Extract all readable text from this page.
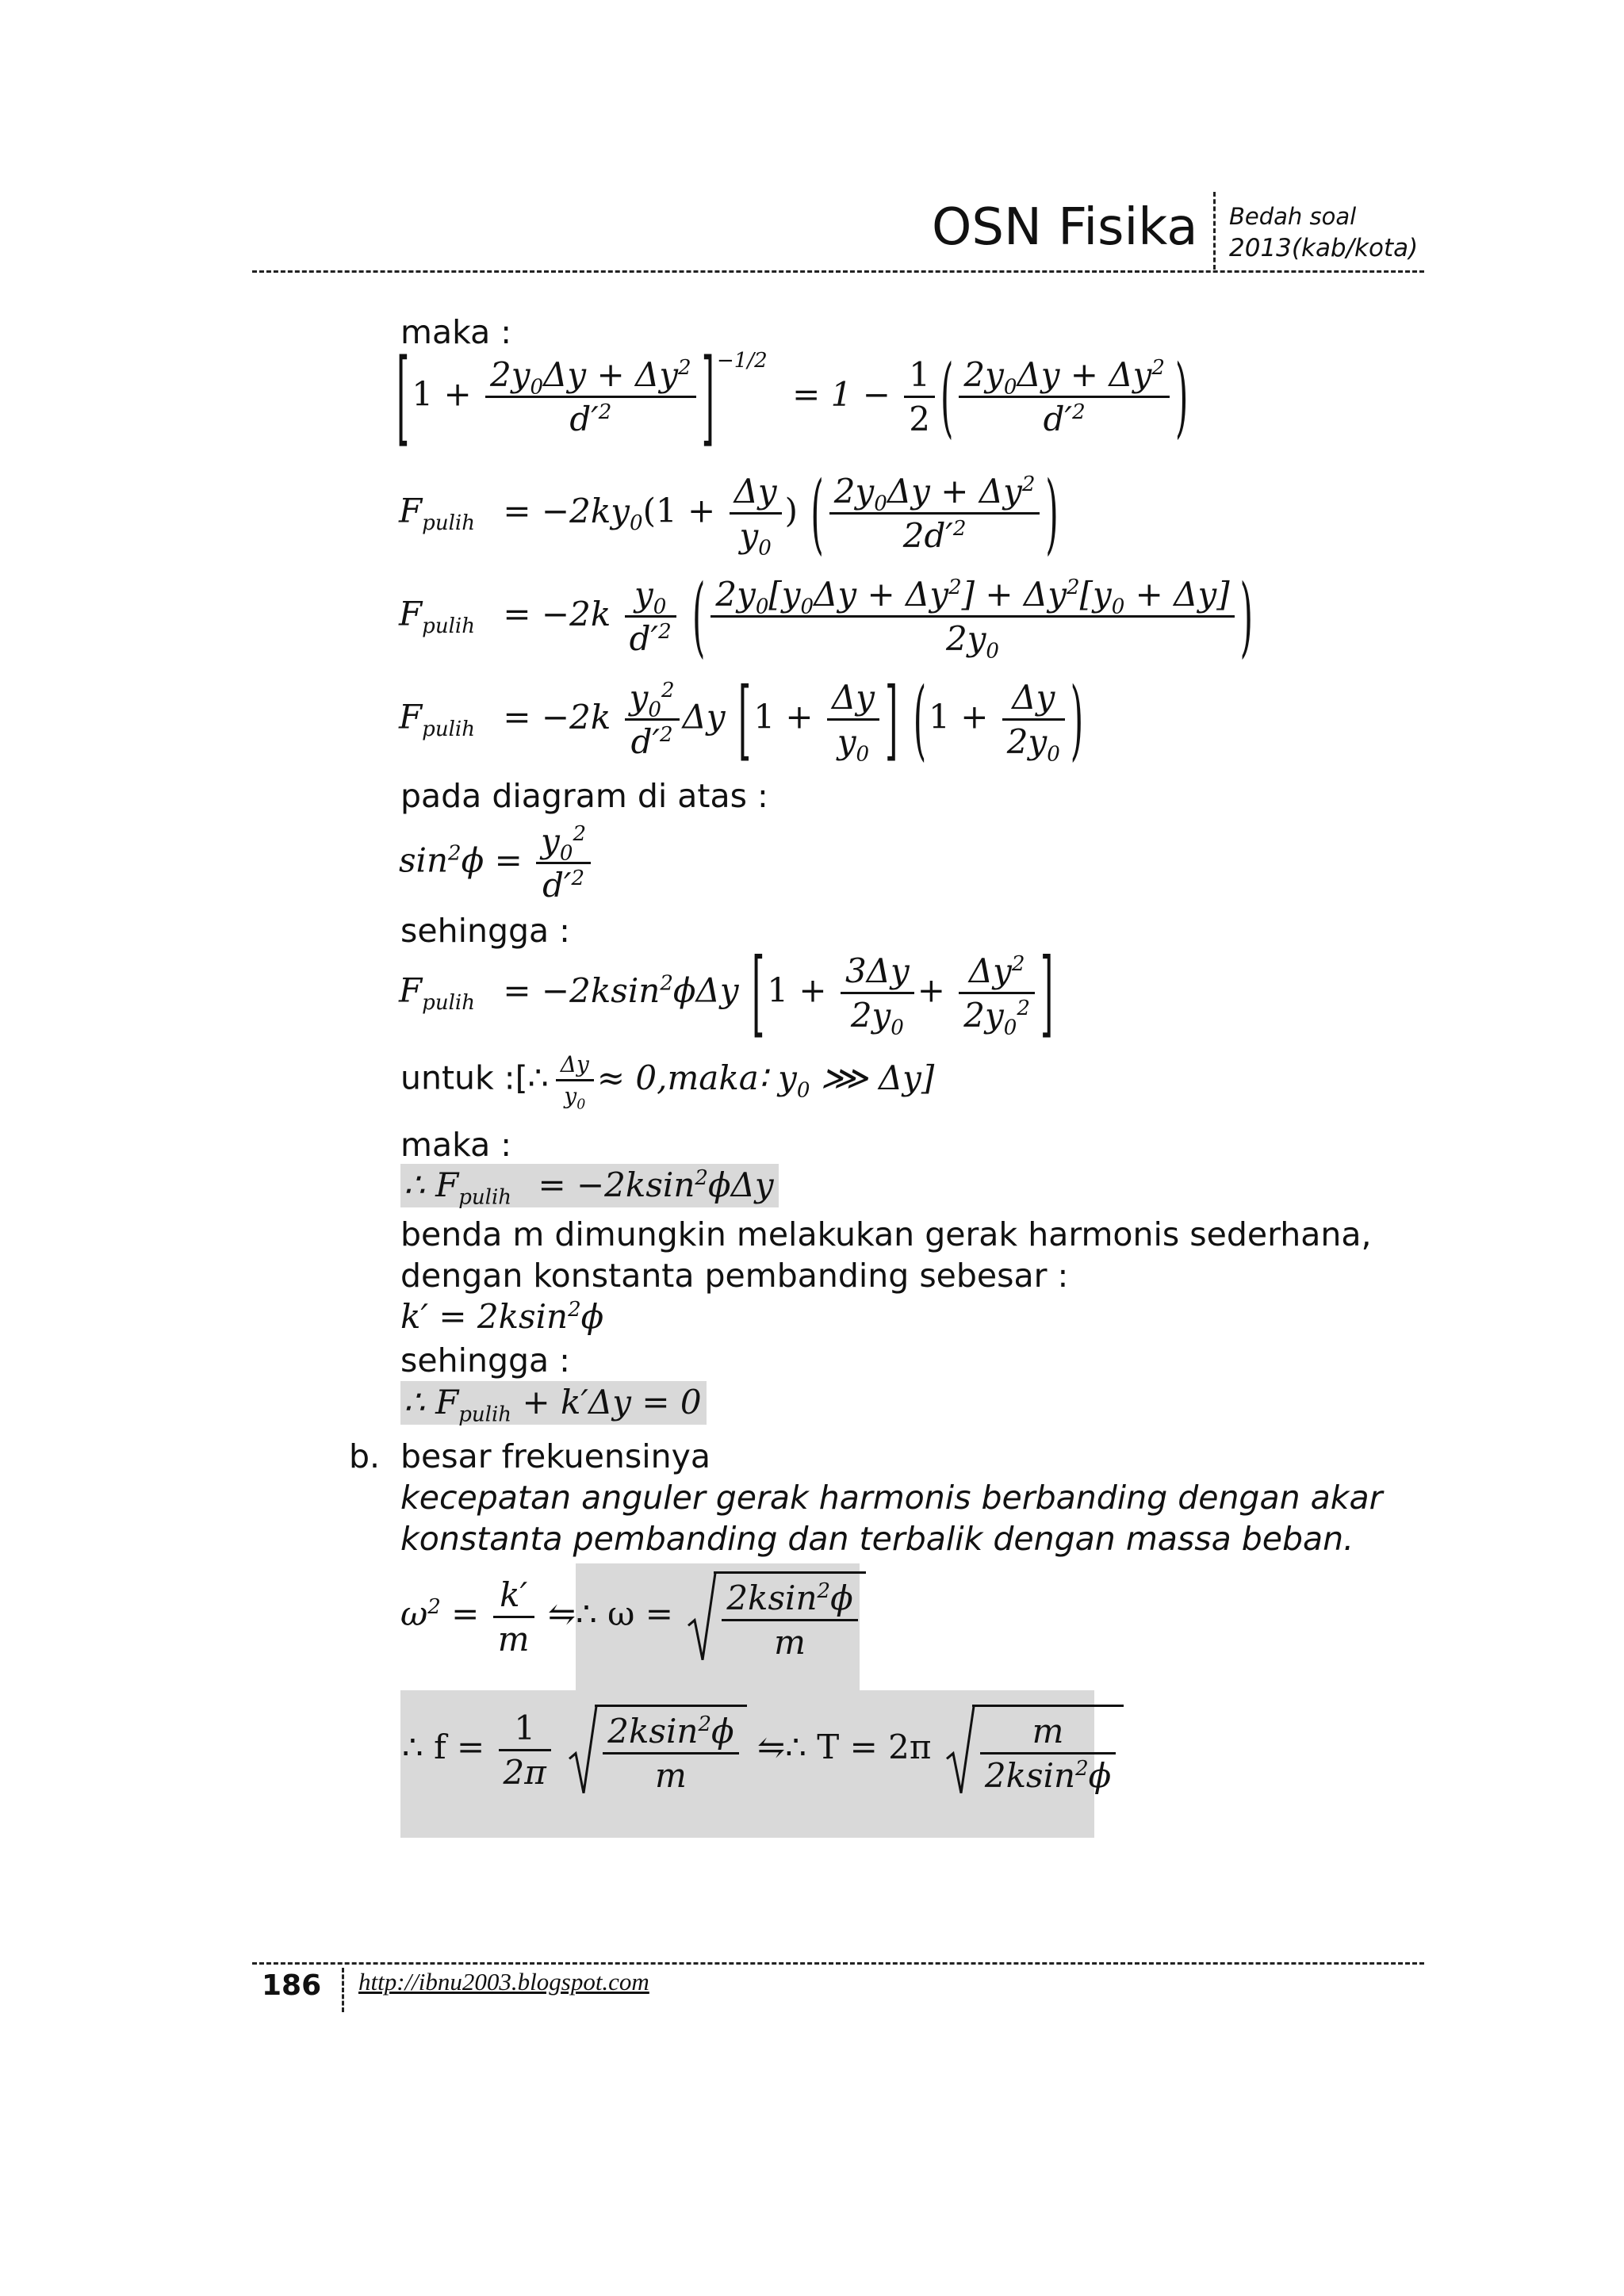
OSN Fisika Bedah soal
2013(kab/kota)
maka :
[$1 + \frac{2y_0\Delta y + \Delta y^2}{d'^2}$ ] $^{-1/2} = 1 - \frac{1}{2}$ ( $\frac{2y_0\Delta y + \Delta y^2}{d'^2}$ )
$F_{pulih} = -2ky_0(1 + \frac{\Delta y}{y_0}$ ) ( $\frac{2y_0\Delta y + \Delta y^2}{2d'^2}$ )
$F_{pulih} = -2k \frac{y_0}{d'^2}$ ( $\frac{2y_0[y_0\Delta y + \Delta y^2] + \Delta y^2[y_0 + \Delta y]}{2y_0}$ )
$F_{pulih} = -2k \frac{y_0^2}{d'^2}$ Δy [$1 + \frac{\Delta y}{y_0}$ ] ($1 + \frac{\Delta y}{2y_0}$ )
pada diagram di atas :
$\sin^2\phi = \frac{y_0^2}{d'^2}$
sehingga :
$F_{pulih} = -2ksin^2\phi\Delta y$ [$1 + \frac{3\Delta y}{2y_0} + \frac{\Delta y^2}{2y_0^2}$ ]
untuk :[∴ $\frac{\Delta y}{y_0}$ ≈ 0,maka∶ $y_0$ ⋙ Δy]
maka :
∴ $F_{pulih} = -2ksin^2\phi\Delta y$
benda m dimungkin melakukan gerak harmonis sederhana,
dengan konstanta pembanding sebesar :
k′ = 2ksin$^2$ϕ
sehingga :
∴ $F_{pulih} + k'\Delta y = 0$
b. besar frekuensinya
kecepatan anguler gerak harmonis berbanding dengan akar
konstanta pembanding dan terbalik dengan massa beban.
$\omega^2 = \frac{k'}{m}$ ⇋∴ $\omega = \frac{2ksin^2\phi}{m}$
∴ $f = \frac{1}{2\pi}$
$\frac{2ksin^2\phi}{m}$ ⇋∴ $T = 2\pi \frac{m}{2ksin^2\phi}$
186 http://ibnu2003.blogspot.com
